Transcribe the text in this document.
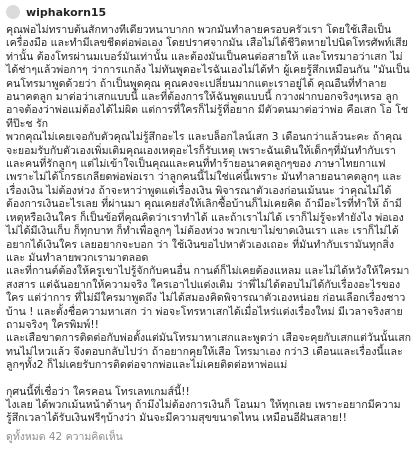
wiphakorn15

คุณพ่อไม่ทราบต้นสักทางทีเดียวหนาบากก พวกมันทำลายครอบครัวเรา โดยใช้เสือเป็นเครื่องมือ และทำมีเลขชีดต่อพ่อเอง โดยปราศจากมัน เสือไม่ได้ชีวิตหายไปนิดโทรศัพท์เสียท่านั้น ต้องโทรผ่านมเบอร์มันเท่านั้น และต้องมันเป็นคนต่อสายให้ และโทรมาอว่าเสก ไม่ได้ช่าๆแล้วพ่อกาๆ ว่าการแกล้ง ไม่ทันพูดอะไรฉันเองไม่ได้ทำ ผู้เคยรู้สึกเหมือนกัน "มันเป็นคนโทรมาพูดด้วยว่า ถ้าเป็นพูดคุณ คุณคงจะเปลี่ยนมากแตะเราอยู่ได้ คุณอืนที่ทำลายอนาคตลูก มาต่อว่าเสกแบบนี้ และที่ต้องการให้ฉันพูดแบบนี้ กวางฝากบอกจริงๆเหรอ ลูกอาจต้องว่าพ่อแม่ต้องได้ไม่ผิด แต่การที่ใครก็ไม่รู้ที่อยาก มีตัวตนมาต่อว่าพ่อ คือเสก โอ โชทีป๊ะช รัก

พวกคุณไม่เคยเจอกับตัวคุณไม่รู้สึกอะไร และบล็อกไลน์เสก 3 เดือนกว่าแล้วนะคะ ถ้าคุณจะยอมรับกับตัวเองเพิ่มเติมคุณเองเหตุอะไรก็รับเหตุ เพราะฉันเดินให้เด็กๆที่มันทำกับเรา และคนที่รักลูกๆ แต่ไม่เข้าใจเป็นคุณและคนที่ทำร้ายอนาคตลูกๆของ ภาษาไทยกาแฟ เพราะไม่ได้โกรธเกลียดพ่อพ่อเรา ว่าลูกคนนี้ไม่ใช่แค่นี้เพราะ มันทำลายอนาคตลูกๆ และเรื่องเงิน ไม่ต้องห่วง ถ้าจะหาว่าพูดแต่เรื่องเงิน พิจารณาตัวเองก่อนเม้นนะ ว่าคุณไม่ได้ต้องการเงินอะไรเลย ที่ผ่านมา คุณเคยส่งให้เลิกซื้อบ้านก็ไม่เคยคิด ถ้ามีอะไรที่ทำให้ ถ้ามีเหตุหรือเงินใคร ก็เป็นข้อที่คุณคิดว่าเราทำได้ และถ้าเราไม่ได้ เราก็ไม่รู้จะทำยังไง พ่อเองไม่ได้มีเงินเก็บ ก็ทุกบาท ก็ทำเพื่อลูกๆ ไม่ต้องห่วง พวกเขาไม่ขาดเงินเรา และ เราก็ไม่ได้อยากได้เงินใคร เลยอยากจะบอก ว่า ใช้เงินขอไปหาตัวเองเถอะ ที่มันทำกับเรามันทุกสิ่ง และ มันทำลายพวกเรามาตลอด

และที่กานต์ต้องให้ครูเขาไปรู้จักกับคนอื่น กานต์ก็ไม่เคยต้องแหลม และไม่ได้หวังให้ใครมาสงสาร แต่ฉันอยากให้ความจริง ใครเอาไปแต่งเติม ว่าพี่ไม่ได้ตอบไม่ได้กับเรื่องอะไรของใคร แต่ว่าการ ที่ไม่มีใครมาพูดถึง ไม่ได้สมองคิดพิจารณาตัวเองหน่อย ก่อนเลือกเรื่องชาวบ้าน ! และตั้งชื่อความหาเสก ว่า พ่อจะโทรหาเสกได้เมื่อไหร่แต่งเรื่องใหม่ มีเวลาจริงสาย ถามจริงๆ ใครพิมพ์!!

และเสือขาดการติดต่อกับพ่อตั้งแต่มันโทรมาหาเสกและพูดว่า เสือจะคุยกับเสกแต่วันนั้นเสกทนไม่ไหวแล้ว จึงตอบกลับไปว่า ถ้าอยากคุยให้เสือ โทรมาเอง กว่า3 เดือนและเรื่องนี้และลูกๆทั้ง2 ก็ไม่เคยรับการติดต่อจากพ่อและไม่เคยติดต่อหาพ่อแม่

กุศนนี้ที่เชื่อว่า ใครคอน โทรเลทเกมส์นี้!!

ไงเลย ได้พวกเม้นหน้าด้านๆ ถ้ามึงไม่ต้องการเงินก็ โอนมา ให้ทุกเลย เพราะอยากมีความรู้สึกเวลาได้รับเงินฟรีๆบ้างว่า มันจะมีความสุขขนาดไหน เหมือนอีฝันสลาย!!

ดูทั้งหมด 42 ความคิดเห็น
